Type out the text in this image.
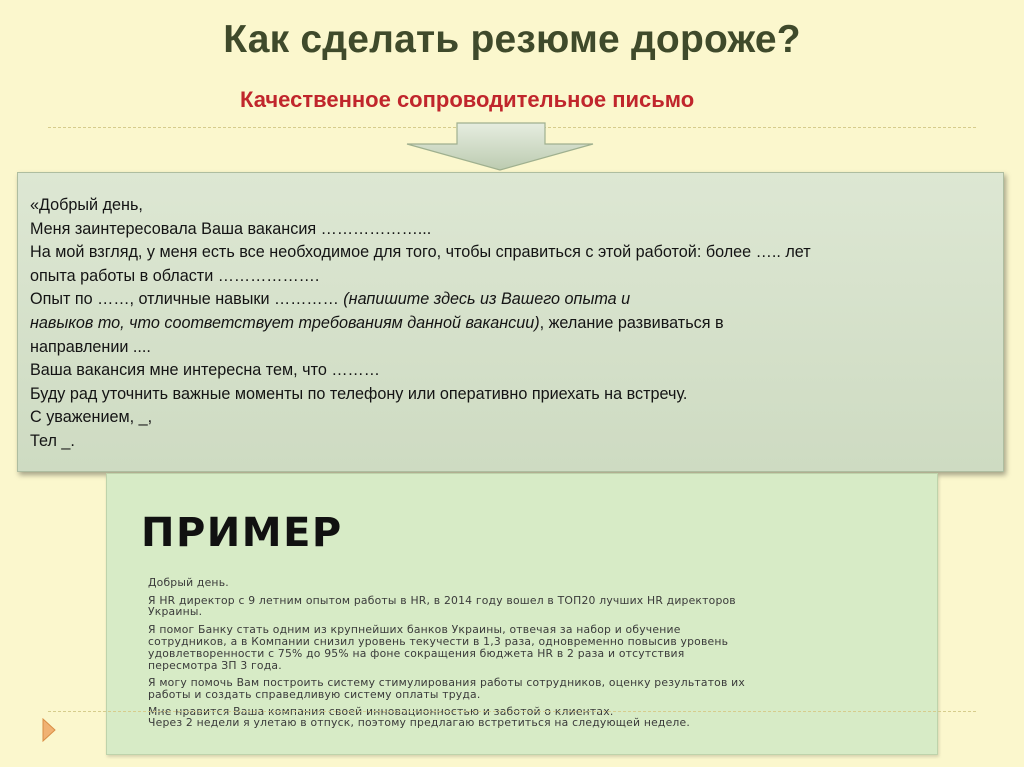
Как сделать резюме дороже?
Качественное сопроводительное письмо
«Добрый день,
Меня заинтересовала Ваша вакансия ………………...
На мой взгляд, у меня есть все необходимое для того, чтобы справиться с этой работой: более ….. лет
опыта работы в области ……………….
Опыт по ……, отличные навыки ………… (напишите здесь из Вашего опыта и
навыков то, что соответствует требованиям данной вакансии), желание развиваться в
направлении ....
Ваша вакансия мне интересна тем, что ………
Буду рад уточнить важные моменты по телефону или оперативно приехать на встречу.
С уважением, _,
Тел _.
ПРИМЕР
Добрый день.
Я HR директор с 9 летним опытом работы в HR, в 2014 году вошел в ТОП20 лучших HR директоров
Украины.
Я помог Банку стать одним из крупнейших банков Украины, отвечая за набор и обучение
сотрудников, а в Компании снизил уровень текучести в 1,3 раза, одновременно повысив уровень
удовлетворенности с 75% до 95% на фоне сокращения бюджета HR в 2 раза и отсутствия
пересмотра ЗП 3 года.
Я могу помочь Вам построить систему стимулирования работы сотрудников, оценку результатов их
работы и создать справедливую систему оплаты труда.
Мне нравится Ваша компания своей инновационностью и заботой о клиентах.
Через 2 недели я улетаю в отпуск, поэтому предлагаю встретиться на следующей неделе.
